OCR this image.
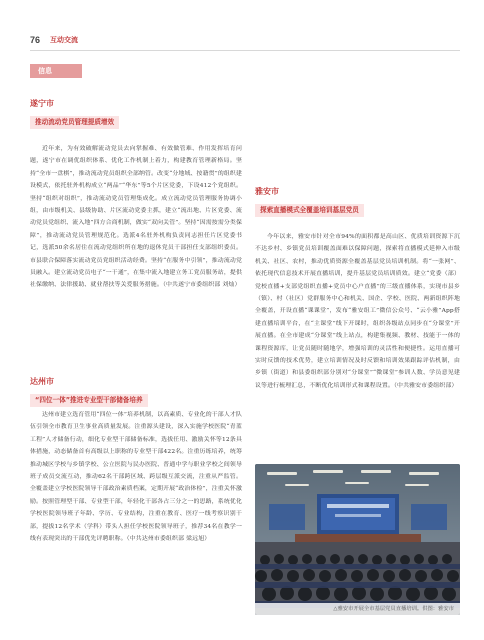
76 互动交流
信息
遂宁市
推动流动党员管理提质增效

近年来，为有效破解流动党员去向掌握难、有效做管难、作用发挥培育问题，遂宁市在调优组织体系、优化工作机制上着力，构建教育管理新格局。坚持“全市一盘棋”，推动流动党员组织全部纳管。改变“分地域、按籍贯”的组织建设模式，依托驻外机构成立“两品”“华东”等5个片区党委，下设412个党组织。坚持“组织对组织”，推动流动党员管理集成化。成立流动党员管理服务协调小组，由市级机关、县级协助、片区流动党委主抓，建立“流出地、片区党委、流动党员党组织、流入地”四方合商机制，做实“双向关管”。坚持“因需按需分类保障”，推动流动党员管理规范化。选派4名驻外机构负责同志担任片区党委书记，选派50余名居住在流动党组织所在地的退休党员干部担任支部组织委员。市县联合保障落实流动党员党组织活动经费。坚持“在服务中引领”，推动流动党员融入。建立流动党员电子“一干通”，在集中流入地建立务工党员服务站，提供社保缴纳、法律援助、就业帮扶等关爱服务措施。（中共遂宁市委组织部 刘灿）

达州市
“四位一体”推进专业型干部储备培养

达州市建立选育管用“四位一体”培养机制，以高素质、专业化的干部人才队伍引领全市教育卫生事业高质量发展。注重源头建设，深入实施学校医院“青蓝工程”人才储备行动，细化专业型干部储备标准，选拔任用、激励关怀等12条具体措施，动态储备首有高级以上职称的专业型干部422名。注重历练培养，统筹推动城区学校与乡镇学校、公立医院与民办医院、普通中学与职业学校之间领导班子成员交流互动，推动62名干部跨区域、跨层级互派交流，注重从严监管。全覆盖建立学校医院领导干部政治素质档案，定期开展“政治体检”，注重关怀激励。按照管理型干部、专业型干部，年轻化干部各占三分之一的思路，系统优化学校医院领导班子年龄、学历、专业结构，注重在教育、医疗一线考察识别干部，提拔12名学术（学科）带头人担任学校医院领导班子，推荐34名在教学一线有表现突出的干部优先评聘职称。（中共达州市委组织部 梁远旭）

雅安市
探索直播模式全覆盖培训基层党员

今年以来，雅安市针对全市94%的面积都是高山区、优质培训资源下沉不达乡村、乡镇党员培训覆盖面难以保障问题，探索将直播模式延伸入市级机关、社区、农村，推动优质资源全覆盖基层党员培训机制。将“一张网”、依托现代信息技术开展直播培训，提升基层党员培训质效。建立“党委（部）党校直播+支部党组织直播+党员中心户直播”的三级直播体系，实现市县乡（镇）、村（社区）党群服务中心和机关、国企、学校、医院、两新组织阵地全覆盖，开设直播“课课堂”，发布“雅安组工”微信公众号、“云小雅”App搭建直播培训平台，在“主课堂”线下开课时，组织各级站点同步在“分课堂”开展直播。在全市建成“分课堂”线上站点，构建集视频、教材、技能于一体的课程资源库，让党员随时随地学，增强培训的灵活性和便捷性。运用直播可实时反馈的技术优势，建立培训情况及时反馈和培训效果跟踪评估机制，由乡镇（街道）和县委组织部分别对“分课堂”“微课堂”参训人数、学员意见建议等进行梳理汇总，不断优化培训形式和课程设置。（中共雅安市委组织部）

△雅安市开展全市基层党员直播培训。供图：雅安市
